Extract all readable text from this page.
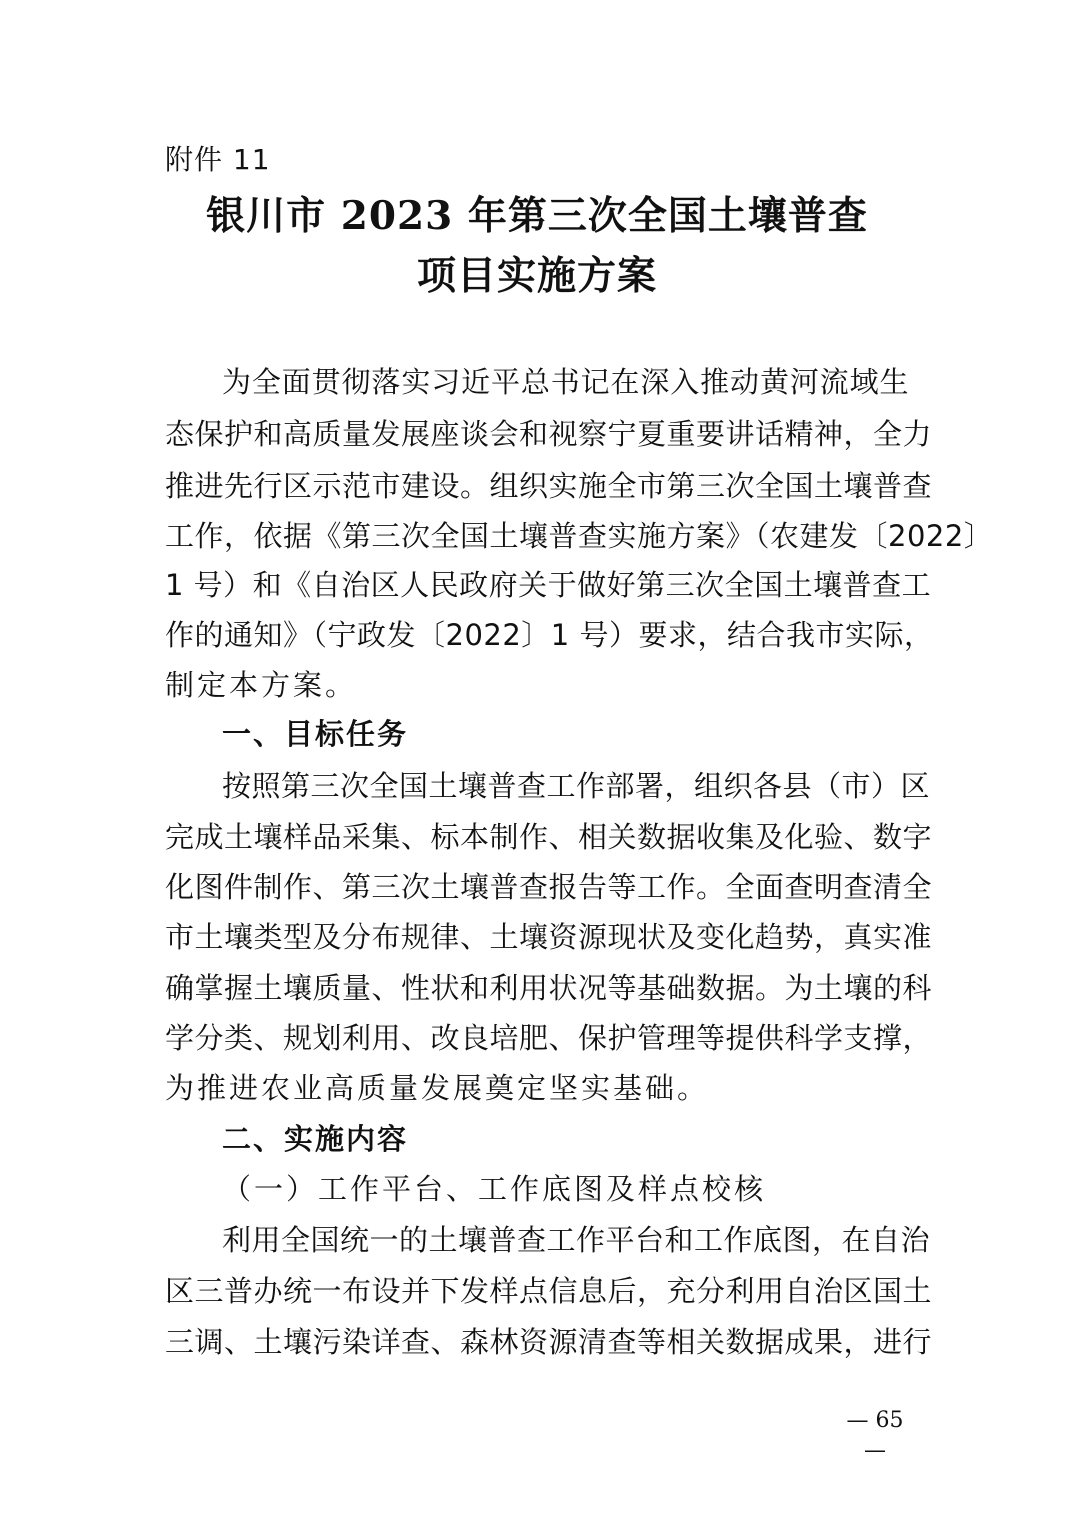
附件 11
银川市 2023 年第三次全国土壤普查
项目实施方案
为全面贯彻落实习近平总书记在深入推动黄河流域生
态保护和高质量发展座谈会和视察宁夏重要讲话精神，全力
推进先行区示范市建设。组织实施全市第三次全国土壤普查
工作，依据《第三次全国土壤普查实施方案》（农建发〔2022〕
1 号）和《自治区人民政府关于做好第三次全国土壤普查工
作的通知》（宁政发〔2022〕1 号）要求，结合我市实际，
制定本方案。
一、目标任务
按照第三次全国土壤普查工作部署，组织各县（市）区
完成土壤样品采集、标本制作、相关数据收集及化验、数字
化图件制作、第三次土壤普查报告等工作。全面查明查清全
市土壤类型及分布规律、土壤资源现状及变化趋势，真实准
确掌握土壤质量、性状和利用状况等基础数据。为土壤的科
学分类、规划利用、改良培肥、保护管理等提供科学支撑，
为推进农业高质量发展奠定坚实基础。
二、实施内容
（一）工作平台、工作底图及样点校核
利用全国统一的土壤普查工作平台和工作底图，在自治
区三普办统一布设并下发样点信息后，充分利用自治区国土
三调、土壤污染详查、森林资源清查等相关数据成果，进行
— 65 —
